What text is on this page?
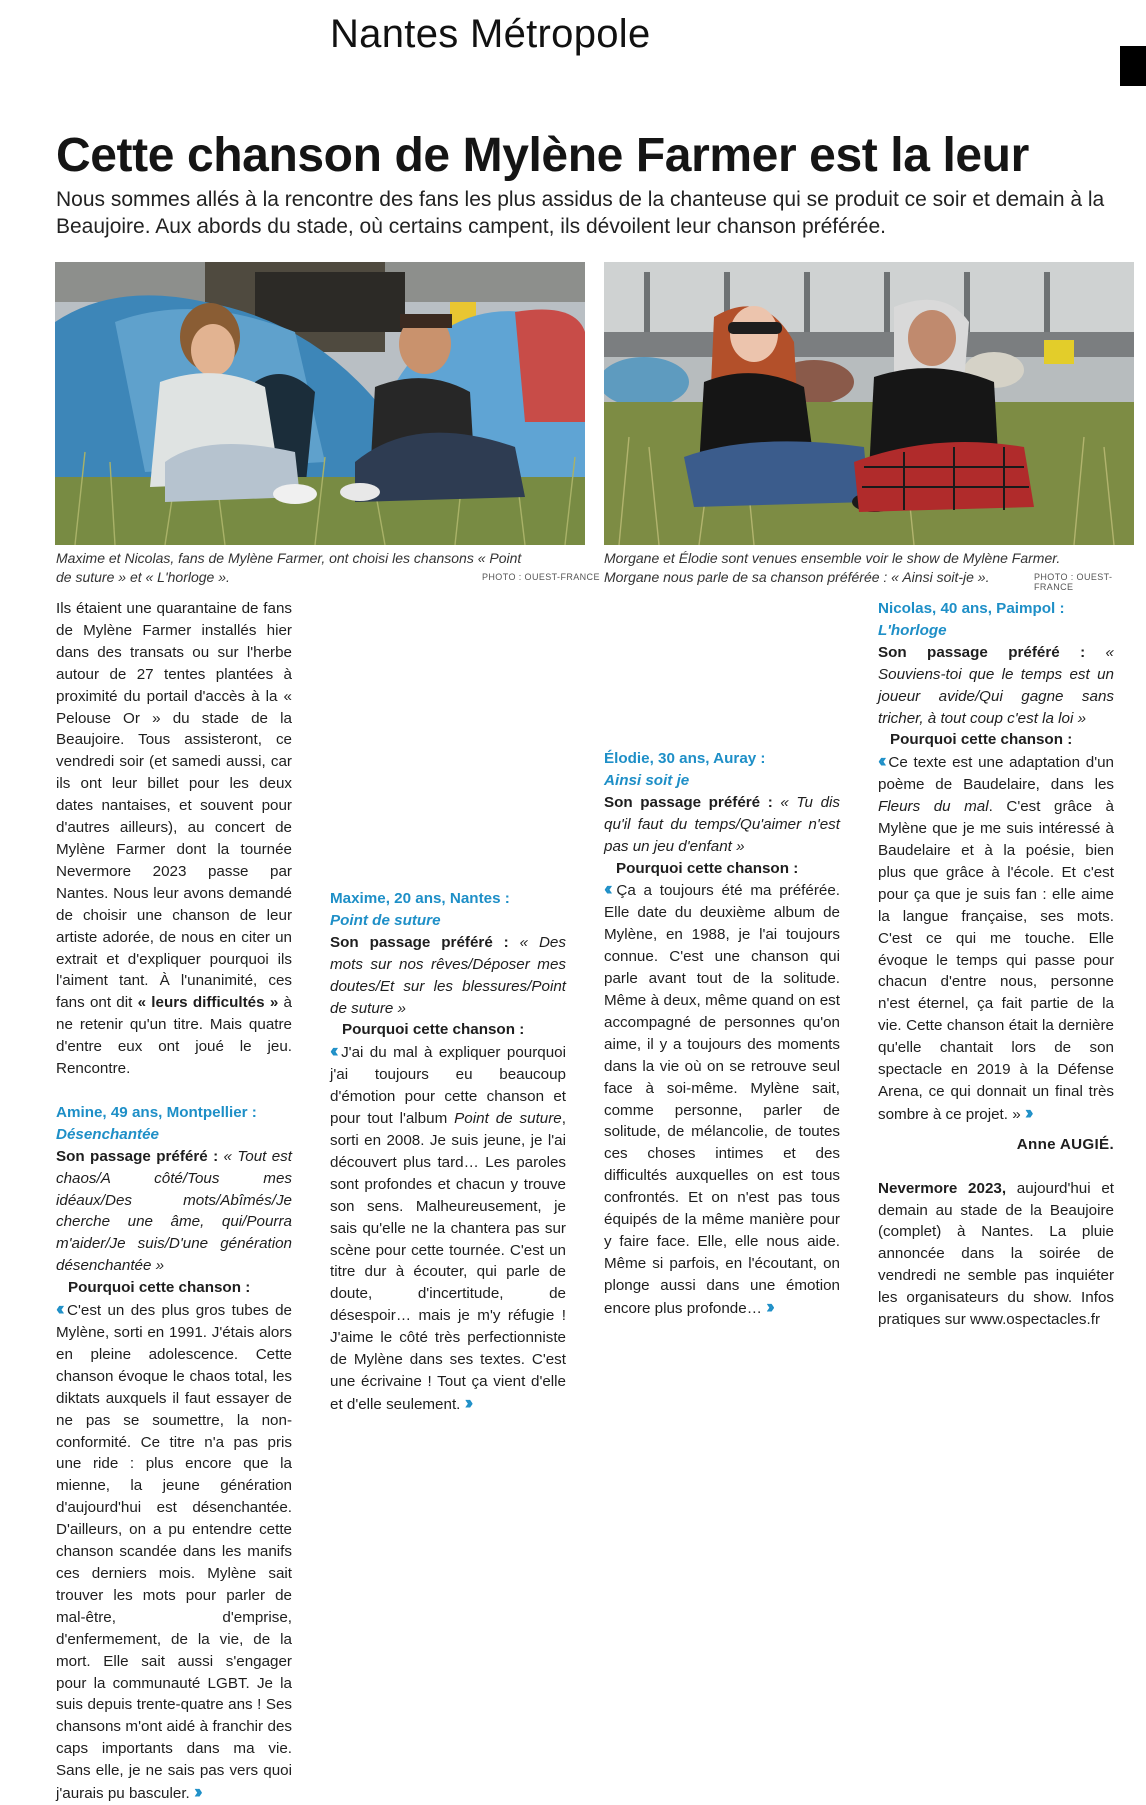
Nantes Métropole
Cette chanson de Mylène Farmer est la leur
Nous sommes allés à la rencontre des fans les plus assidus de la chanteuse qui se produit ce soir et demain à la Beaujoire. Aux abords du stade, où certains campent, ils dévoilent leur chanson préférée.
Maxime et Nicolas, fans de Mylène Farmer, ont choisi les chansons « Point de suture » et « L'horloge ».	PHOTO : OUEST-FRANCE
Morgane et Élodie sont venues ensemble voir le show de Mylène Farmer. Morgane nous parle de sa chanson préférée : « Ainsi soit-je ».	PHOTO : OUEST-FRANCE

Ils étaient une quarantaine de fans de Mylène Farmer installés hier dans des transats ou sur l'herbe autour de 27 tentes plantées à proximité du portail d'accès à la « Pelouse Or » du stade de la Beaujoire. Tous assisteront, ce vendredi soir (et samedi aussi, car ils ont leur billet pour les deux dates nantaises, et souvent pour d'autres ailleurs), au concert de Mylène Farmer dont la tournée Nevermore 2023 passe par Nantes. Nous leur avons demandé de choisir une chanson de leur artiste adorée, de nous en citer un extrait et d'expliquer pourquoi ils l'aiment tant. À l'unanimité, ces fans ont dit « leurs difficultés » à ne retenir qu'un titre. Mais quatre d'entre eux ont joué le jeu. Rencontre.

Amine, 49 ans, Montpellier :
Désenchantée

Son passage préféré : « Tout est chaos/A côté/Tous mes idéaux/Des mots/Abîmés/Je cherche une âme, qui/Pourra m'aider/Je suis/D'une génération désenchantée »

Pourquoi cette chanson :

‹‹ C'est un des plus gros tubes de Mylène, sorti en 1991. J'étais alors en pleine adolescence. Cette chanson évoque le chaos total, les diktats auxquels il faut essayer de ne pas se soumettre, la non-conformité. Ce titre n'a pas pris une ride : plus encore que la mienne, la jeune génération d'aujourd'hui est désenchantée. D'ailleurs, on a pu entendre cette chanson scandée dans les manifs ces derniers mois. Mylène sait trouver les mots pour parler de mal-être, d'emprise, d'enfermement, de la vie, de la mort. Elle sait aussi s'engager pour la communauté LGBT. Je la suis depuis trente-quatre ans ! Ses chansons m'ont aidé à franchir des caps importants dans ma vie. Sans elle, je ne sais pas vers quoi j'aurais pu basculer. ››

Maxime, 20 ans, Nantes :
Point de suture

Son passage préféré : « Des mots sur nos rêves/Déposer mes doutes/Et sur les blessures/Point de suture »

Pourquoi cette chanson :

‹‹ J'ai du mal à expliquer pourquoi j'ai toujours eu beaucoup d'émotion pour cette chanson et pour tout l'album Point de suture, sorti en 2008. Je suis jeune, je l'ai découvert plus tard… Les paroles sont profondes et chacun y trouve son sens. Malheureusement, je sais qu'elle ne la chantera pas sur scène pour cette tournée. C'est un titre dur à écouter, qui parle de doute, d'incertitude, de désespoir… mais je m'y réfugie ! J'aime le côté très perfectionniste de Mylène dans ses textes. C'est une écrivaine ! Tout ça vient d'elle et d'elle seulement. ››

Élodie, 30 ans, Auray :
Ainsi soit je

Son passage préféré : « Tu dis qu'il faut du temps/Qu'aimer n'est pas un jeu d'enfant »

Pourquoi cette chanson :

‹‹ Ça a toujours été ma préférée. Elle date du deuxième album de Mylène, en 1988, je l'ai toujours connue. C'est une chanson qui parle avant tout de la solitude. Même à deux, même quand on est accompagné de personnes qu'on aime, il y a toujours des moments dans la vie où on se retrouve seul face à soi-même. Mylène sait, comme personne, parler de solitude, de mélancolie, de toutes ces choses intimes et des difficultés auxquelles on est tous confrontés. Et on n'est pas tous équipés de la même manière pour y faire face. Elle, elle nous aide. Même si parfois, en l'écoutant, on plonge aussi dans une émotion encore plus profonde… ››

Nicolas, 40 ans, Paimpol :
L'horloge

Son passage préféré : « Souviens-toi que le temps est un joueur avide/Qui gagne sans tricher, à tout coup c'est la loi »

Pourquoi cette chanson :

‹‹ Ce texte est une adaptation d'un poème de Baudelaire, dans les Fleurs du mal. C'est grâce à Mylène que je me suis intéressé à Baudelaire et à la poésie, bien plus que grâce à l'école. Et c'est pour ça que je suis fan : elle aime la langue française, ses mots. C'est ce qui me touche. Elle évoque le temps qui passe pour chacun d'entre nous, personne n'est éternel, ça fait partie de la vie. Cette chanson était la dernière qu'elle chantait lors de son spectacle en 2019 à la Défense Arena, ce qui donnait un final très sombre à ce projet. » ››

Anne AUGIÉ.

Nevermore 2023, aujourd'hui et demain au stade de la Beaujoire (complet) à Nantes. La pluie annoncée dans la soirée de vendredi ne semble pas inquiéter les organisateurs du show. Infos pratiques sur www.ospectacles.fr
